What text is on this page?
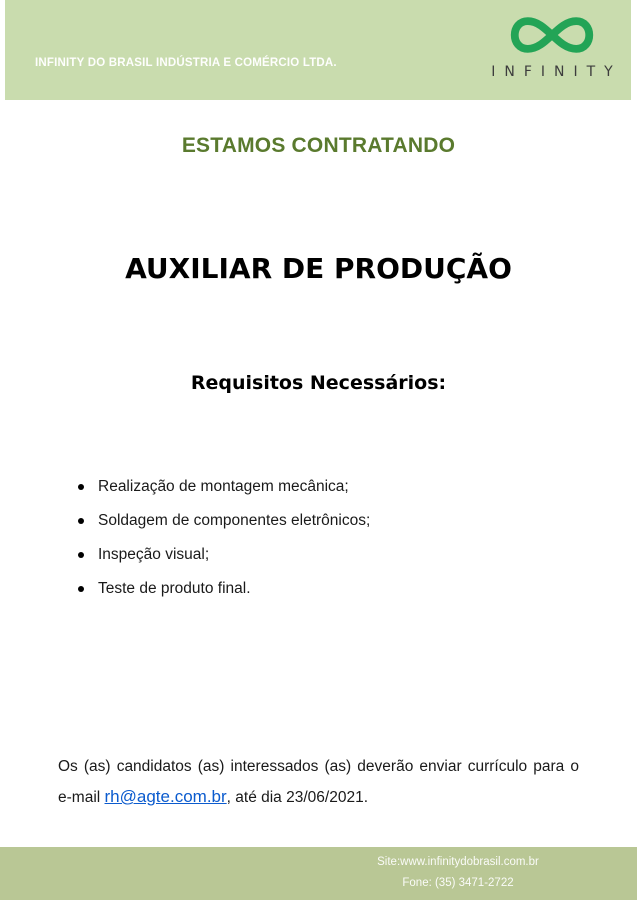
INFINITY DO BRASIL INDÚSTRIA E COMÉRCIO LTDA.

CNPJ: 21.619.343/0001-09

Rua Maria Andrade Moreira, 20/BL13 - Bairro Família Andrade

Santa Rita do Sapucaí – MG   CEP: 37540-000

INFINITY
ESTAMOS CONTRATANDO
AUXILIAR DE PRODUÇÃO
Requisitos Necessários:
Realização de montagem mecânica;
Soldagem de componentes eletrônicos;
Inspeção visual;
Teste de produto final.
Os (as) candidatos (as) interessados (as) deverão enviar currículo para o
e-mail rh@agte.com.br, até dia 23/06/2021.
Site:www.infinitydobrasil.com.br
Fone: (35) 3471-2722
